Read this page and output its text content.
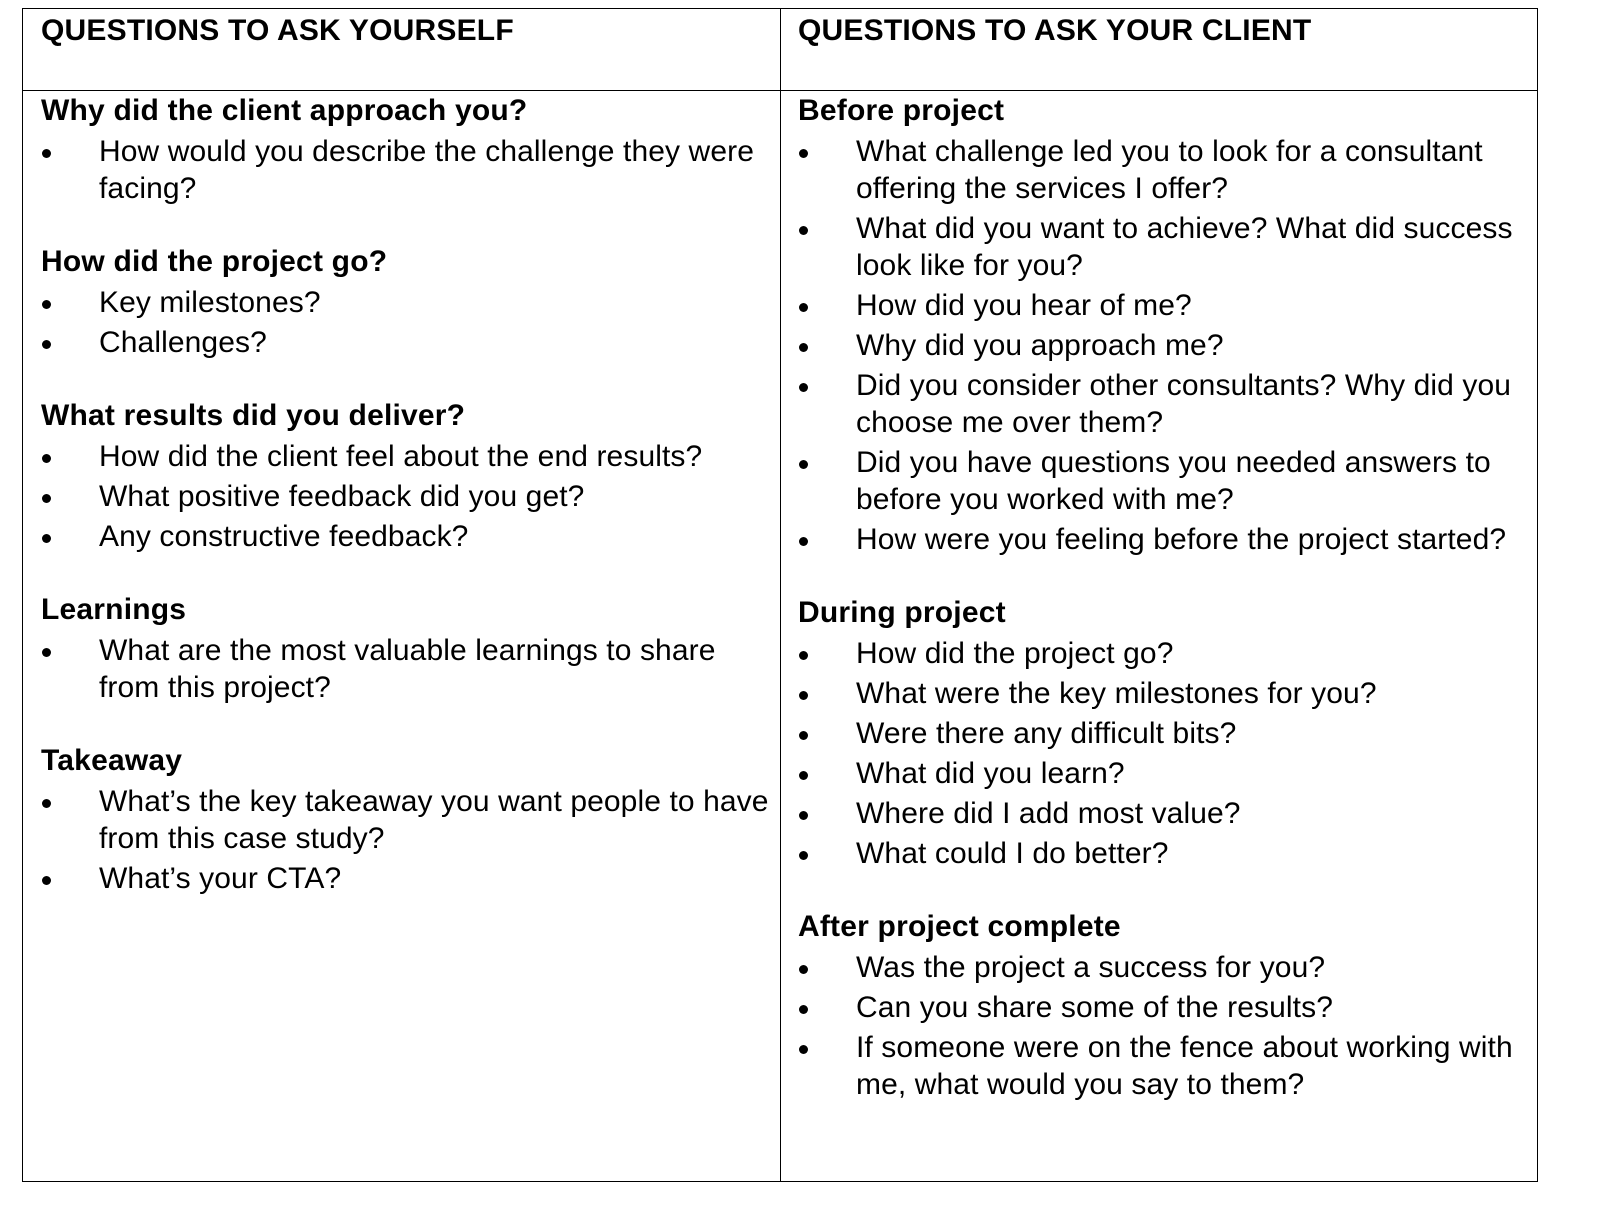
QUESTIONS TO ASK YOURSELF	QUESTIONS TO ASK YOUR CLIENT
Why did the client approach you?
How would you describe the challenge they were facing?
How did the project go?
Key milestones?
Challenges?
What results did you deliver?
How did the client feel about the end results?
What positive feedback did you get?
Any constructive feedback?
Learnings
What are the most valuable learnings to share from this project?
Takeaway
What’s the key takeaway you want people to have from this case study?
What’s your CTA?
Before project
What challenge led you to look for a consultant offering the services I offer?
What did you want to achieve? What did success look like for you?
How did you hear of me?
Why did you approach me?
Did you consider other consultants? Why did you choose me over them?
Did you have questions you needed answers to before you worked with me?
How were you feeling before the project started?
During project
How did the project go?
What were the key milestones for you?
Were there any difficult bits?
What did you learn?
Where did I add most value?
What could I do better?
After project complete
Was the project a success for you?
Can you share some of the results?
If someone were on the fence about working with me, what would you say to them?
